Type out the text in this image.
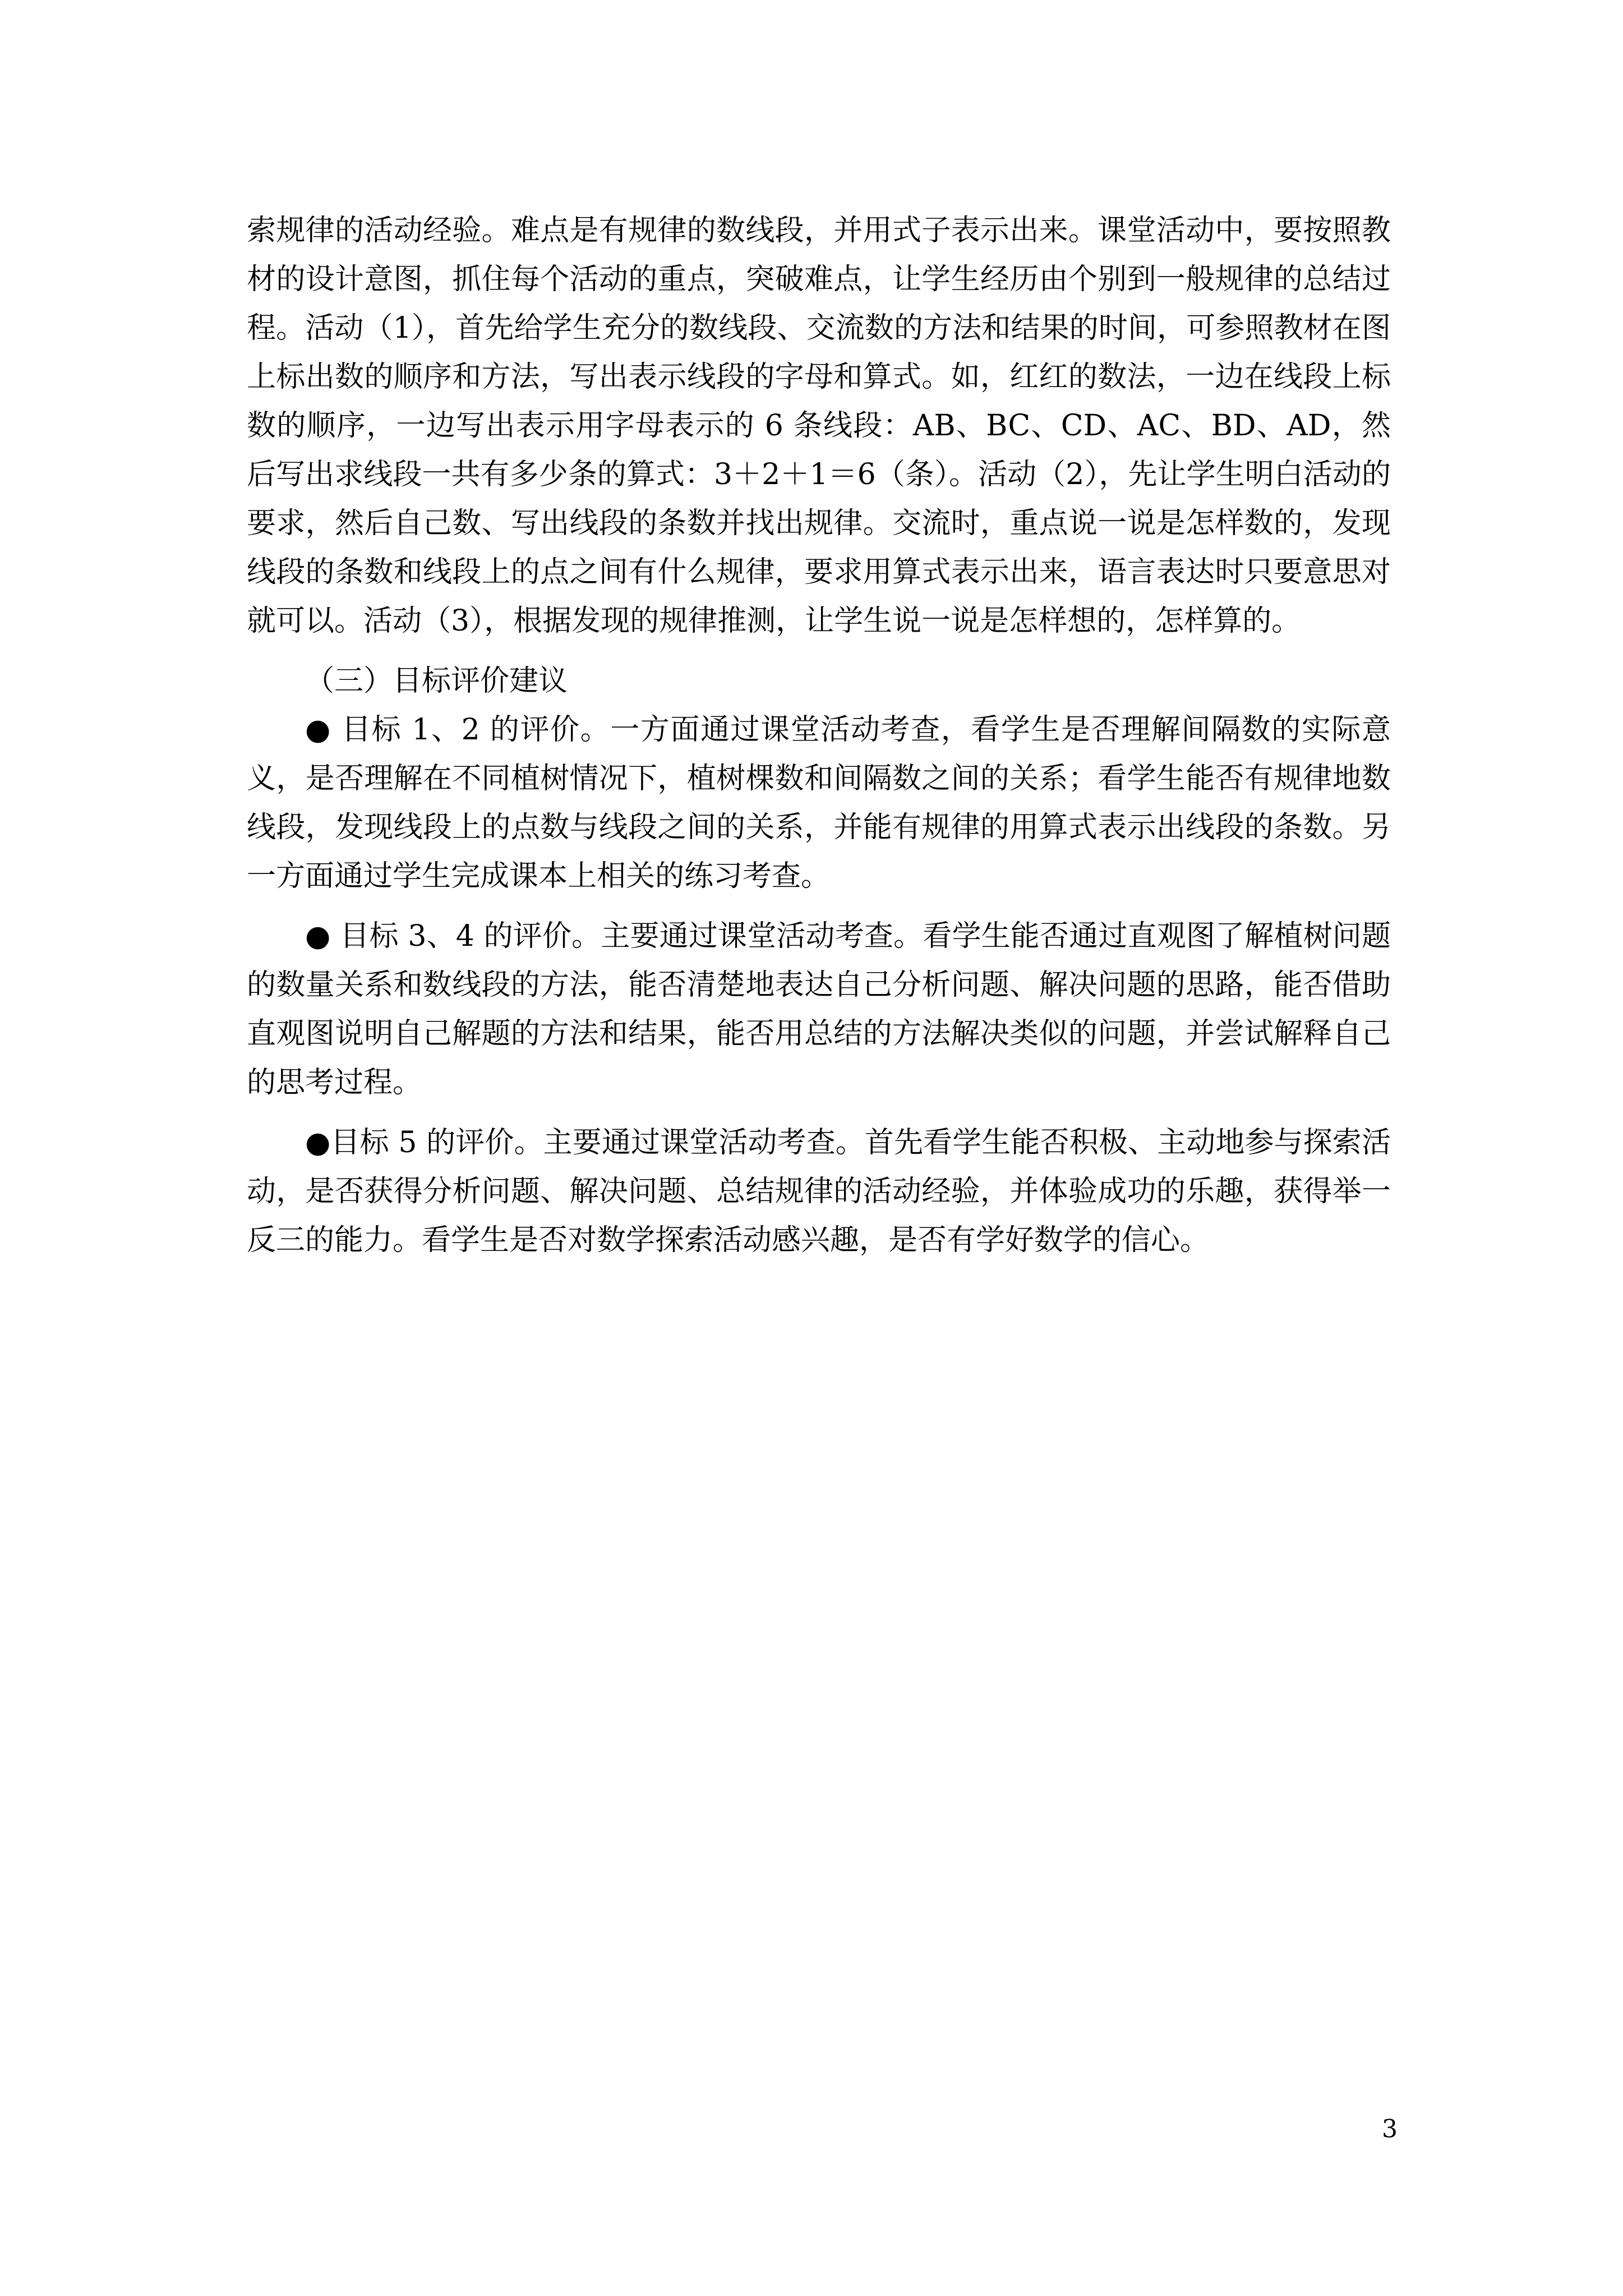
索规律的活动经验。难点是有规律的数线段，并用式子表示出来。课堂活动中，要按照教材的设计意图，抓住每个活动的重点，突破难点，让学生经历由个别到一般规律的总结过程。活动（1），首先给学生充分的数线段、交流数的方法和结果的时间，可参照教材在图上标出数的顺序和方法，写出表示线段的字母和算式。如，红红的数法，一边在线段上标数的顺序，一边写出表示用字母表示的 6 条线段：AB、BC、CD、AC、BD、AD，然后写出求线段一共有多少条的算式：3＋2＋1＝6（条）。活动（2），先让学生明白活动的要求，然后自己数、写出线段的条数并找出规律。交流时，重点说一说是怎样数的，发现线段的条数和线段上的点之间有什么规律，要求用算式表示出来，语言表达时只要意思对就可以。活动（3），根据发现的规律推测，让学生说一说是怎样想的，怎样算的。

（三）目标评价建议

● 目标 1、2 的评价。一方面通过课堂活动考查，看学生是否理解间隔数的实际意义，是否理解在不同植树情况下，植树棵数和间隔数之间的关系；看学生能否有规律地数线段，发现线段上的点数与线段之间的关系，并能有规律的用算式表示出线段的条数。另一方面通过学生完成课本上相关的练习考查。

● 目标 3、4 的评价。主要通过课堂活动考查。看学生能否通过直观图了解植树问题的数量关系和数线段的方法，能否清楚地表达自己分析问题、解决问题的思路，能否借助直观图说明自己解题的方法和结果，能否用总结的方法解决类似的问题，并尝试解释自己的思考过程。

●目标 5 的评价。主要通过课堂活动考查。首先看学生能否积极、主动地参与探索活动，是否获得分析问题、解决问题、总结规律的活动经验，并体验成功的乐趣，获得举一反三的能力。看学生是否对数学探索活动感兴趣，是否有学好数学的信心。

3
